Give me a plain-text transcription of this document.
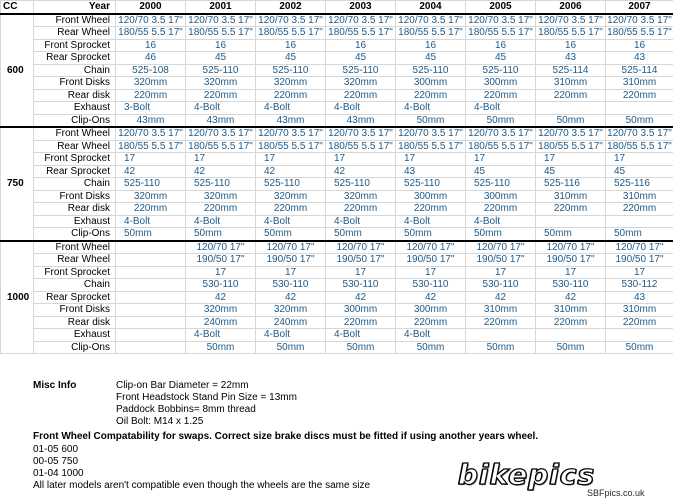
CC	Year	2000	2001	2002	2003	2004	2005	2006	2007
600	Front Wheel	120/70 3.5 17"	120/70 3.5 17"	120/70 3.5 17"	120/70 3.5 17"	120/70 3.5 17"	120/70 3.5 17"	120/70 3.5 17"	120/70 3.5 17"
	Rear Wheel	180/55 5.5 17"	180/55 5.5 17"	180/55 5.5 17"	180/55 5.5 17"	180/55 5.5 17"	180/55 5.5 17"	180/55 5.5 17"	180/55 5.5 17"
	Front Sprocket	16	16	16	16	16	16	16	16
	Rear Sprocket	46	45	45	45	45	45	43	43
	Chain	525-108	525-110	525-110	525-110	525-110	525-110	525-114	525-114
	Front Disks	320mm	320mm	320mm	320mm	300mm	300mm	310mm	310mm
	Rear disk	220mm	220mm	220mm	220mm	220mm	220mm	220mm	220mm
	Exhaust	3-Bolt	4-Bolt	4-Bolt	4-Bolt	4-Bolt	4-Bolt		
	Clip-Ons	43mm	43mm	43mm	43mm	50mm	50mm	50mm	50mm
750	Front Wheel	120/70 3.5 17"	120/70 3.5 17"	120/70 3.5 17"	120/70 3.5 17"	120/70 3.5 17"	120/70 3.5 17"	120/70 3.5 17"	120/70 3.5 17"
	Rear Wheel	180/55 5.5 17"	180/55 5.5 17"	180/55 5.5 17"	180/55 5.5 17"	180/55 5.5 17"	180/55 5.5 17"	180/55 5.5 17"	180/55 5.5 17"
	Front Sprocket	17	17	17	17	17	17	17	17
	Rear Sprocket	42	42	42	42	43	45	45	45
	Chain	525-110	525-110	525-110	525-110	525-110	525-110	525-116	525-116
	Front Disks	320mm	320mm	320mm	320mm	300mm	300mm	310mm	310mm
	Rear disk	220mm	220mm	220mm	220mm	220mm	220mm	220mm	220mm
	Exhaust	4-Bolt	4-Bolt	4-Bolt	4-Bolt	4-Bolt	4-Bolt		
	Clip-Ons	50mm	50mm	50mm	50mm	50mm	50mm	50mm	50mm
1000	Front Wheel		120/70 17"	120/70 17"	120/70 17"	120/70 17"	120/70 17"	120/70 17"	120/70 17"
	Rear Wheel		190/50 17"	190/50 17"	190/50 17"	190/50 17"	190/50 17"	190/50 17"	190/50 17"
	Front Sprocket		17	17	17	17	17	17	17
	Chain		530-110	530-110	530-110	530-110	530-110	530-110	530-112
	Rear Sprocket		42	42	42	42	42	42	43
	Front Disks		320mm	320mm	300mm	300mm	310mm	310mm	310mm
	Rear disk		240mm	240mm	220mm	220mm	220mm	220mm	220mm
	Exhaust		4-Bolt	4-Bolt	4-Bolt	4-Bolt			
	Clip-Ons		50mm	50mm	50mm	50mm	50mm	50mm	50mm
Misc Info	Clip-on Bar Diameter = 22mm
Front Headstock Stand Pin Size = 13mm
Paddock Bobbins= 8mm thread
Oil Bolt: M14 x 1.25
Front Wheel Compatability for swaps. Correct size brake discs must be fitted if using another years wheel.
01-05 600
00-05 750
01-04 1000
All later models aren't compatible even though the wheels are the same size	bikepics
SBFpics.co.uk
